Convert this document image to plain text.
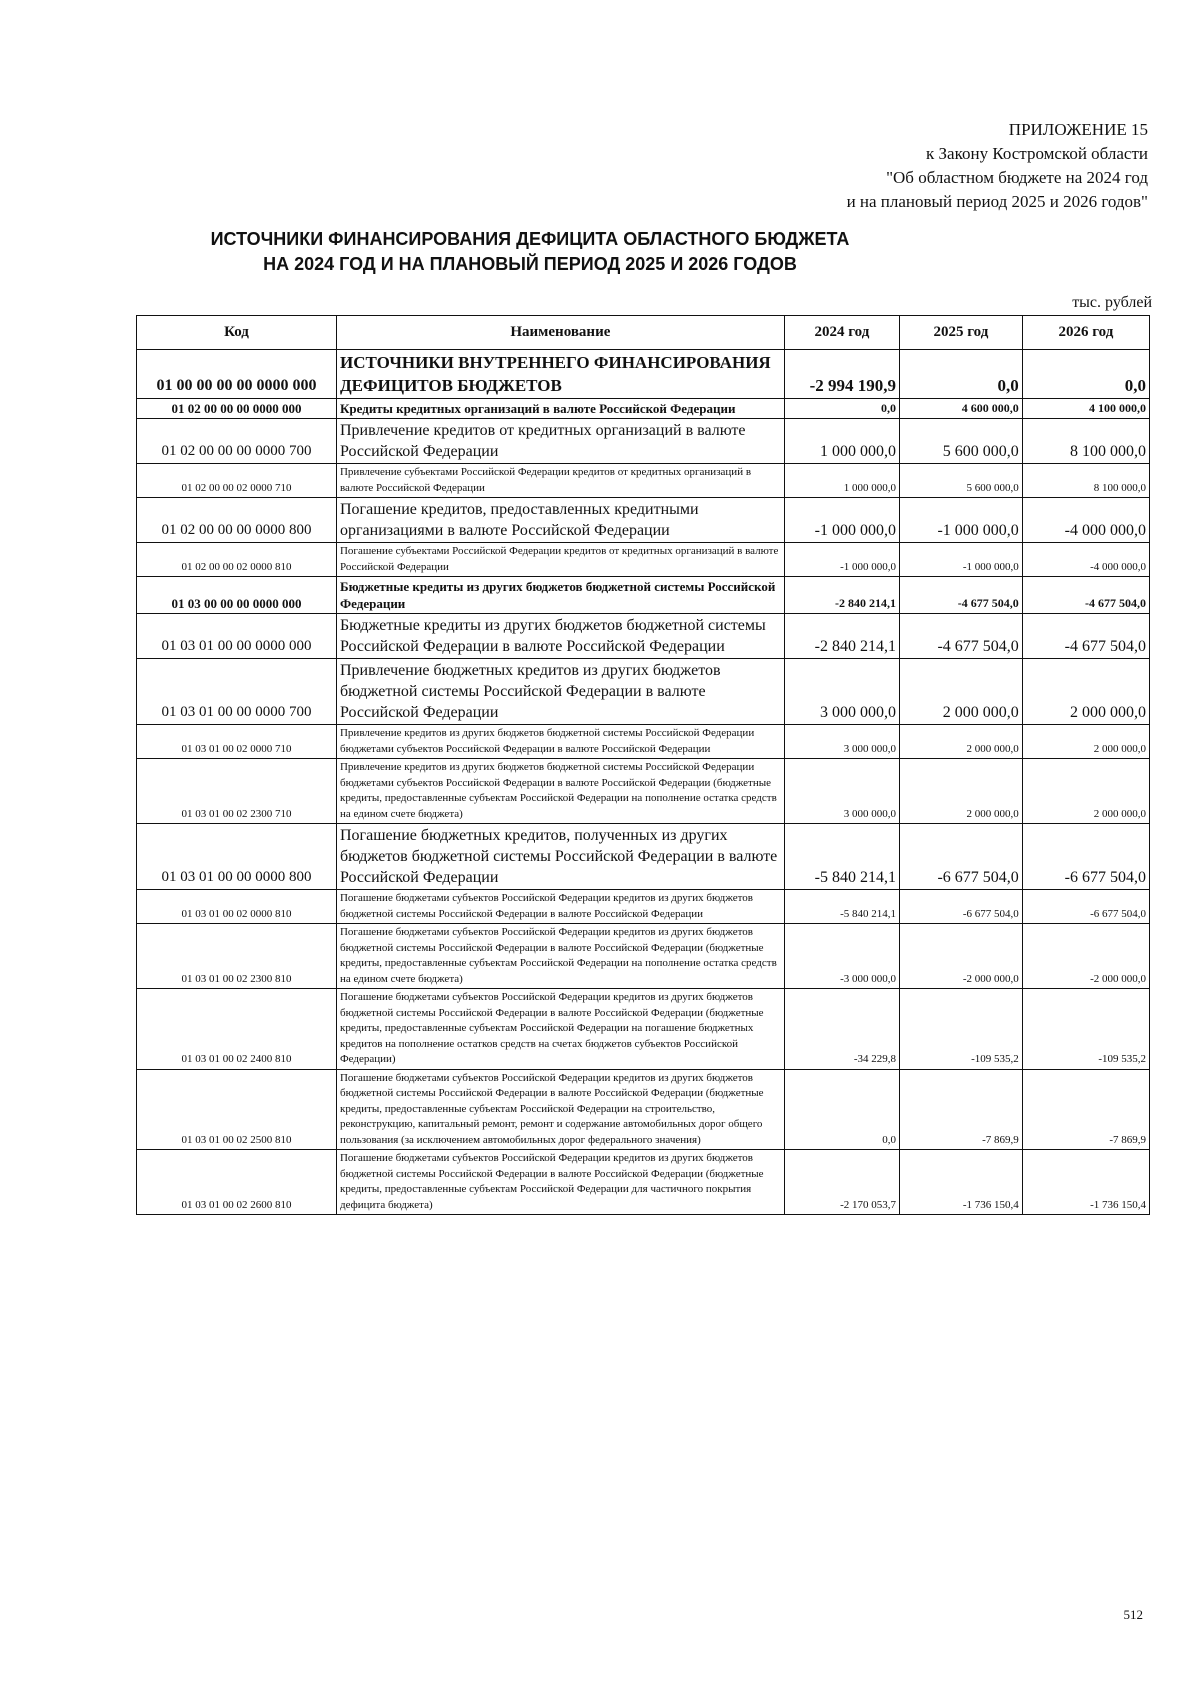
ПРИЛОЖЕНИЕ 15
к Закону Костромской области
"Об областном бюджете на 2024 год
и на плановый период 2025 и 2026 годов"
ИСТОЧНИКИ ФИНАНСИРОВАНИЯ ДЕФИЦИТА ОБЛАСТНОГО БЮДЖЕТА
НА 2024 ГОД И НА ПЛАНОВЫЙ ПЕРИОД 2025 И 2026 ГОДОВ
тыс. рублей
Код	Наименование	2024 год	2025 год	2026 год
01 00 00 00 00 0000 000	ИСТОЧНИКИ ВНУТРЕННЕГО ФИНАНСИРОВАНИЯ ДЕФИЦИТОВ БЮДЖЕТОВ	-2 994 190,9	0,0	0,0
01 02 00 00 00 0000 000	Кредиты кредитных организаций в валюте Российской Федерации	0,0	4 600 000,0	4 100 000,0
01 02 00 00 00 0000 700	Привлечение кредитов от кредитных организаций в валюте Российской Федерации	1 000 000,0	5 600 000,0	8 100 000,0
01 02 00 00 02 0000 710	Привлечение субъектами Российской Федерации кредитов от кредитных организаций в валюте Российской Федерации	1 000 000,0	5 600 000,0	8 100 000,0
01 02 00 00 00 0000 800	Погашение кредитов, предоставленных кредитными организациями в валюте Российской Федерации	-1 000 000,0	-1 000 000,0	-4 000 000,0
01 02 00 00 02 0000 810	Погашение субъектами Российской Федерации кредитов от кредитных организаций в валюте Российской Федерации	-1 000 000,0	-1 000 000,0	-4 000 000,0
01 03 00 00 00 0000 000	Бюджетные кредиты из других бюджетов бюджетной системы Российской Федерации	-2 840 214,1	-4 677 504,0	-4 677 504,0
01 03 01 00 00 0000 000	Бюджетные кредиты из других бюджетов бюджетной системы Российской Федерации в валюте Российской Федерации	-2 840 214,1	-4 677 504,0	-4 677 504,0
01 03 01 00 00 0000 700	Привлечение бюджетных кредитов из других бюджетов бюджетной системы Российской Федерации в валюте Российской Федерации	3 000 000,0	2 000 000,0	2 000 000,0
01 03 01 00 02 0000 710	Привлечение кредитов из других бюджетов бюджетной системы Российской Федерации бюджетами субъектов Российской Федерации в валюте Российской Федерации	3 000 000,0	2 000 000,0	2 000 000,0
01 03 01 00 02 2300 710	Привлечение кредитов из других бюджетов бюджетной системы Российской Федерации бюджетами субъектов Российской Федерации в валюте Российской Федерации (бюджетные кредиты, предоставленные субъектам Российской Федерации на пополнение остатка средств на едином счете бюджета)	3 000 000,0	2 000 000,0	2 000 000,0
01 03 01 00 00 0000 800	Погашение бюджетных кредитов, полученных из других бюджетов бюджетной системы Российской Федерации в валюте Российской Федерации	-5 840 214,1	-6 677 504,0	-6 677 504,0
01 03 01 00 02 0000 810	Погашение бюджетами субъектов Российской Федерации кредитов из других бюджетов бюджетной системы Российской Федерации в валюте Российской Федерации	-5 840 214,1	-6 677 504,0	-6 677 504,0
01 03 01 00 02 2300 810	Погашение бюджетами субъектов Российской Федерации кредитов из других бюджетов бюджетной системы Российской Федерации в валюте Российской Федерации (бюджетные кредиты, предоставленные субъектам Российской Федерации на пополнение остатка средств на едином счете бюджета)	-3 000 000,0	-2 000 000,0	-2 000 000,0
01 03 01 00 02 2400 810	Погашение бюджетами субъектов Российской Федерации кредитов из других бюджетов бюджетной системы Российской Федерации в валюте Российской Федерации (бюджетные кредиты, предоставленные субъектам Российской Федерации на погашение бюджетных кредитов на пополнение остатков средств на счетах бюджетов субъектов Российской Федерации)	-34 229,8	-109 535,2	-109 535,2
01 03 01 00 02 2500 810	Погашение бюджетами субъектов Российской Федерации кредитов из других бюджетов бюджетной системы Российской Федерации в валюте Российской Федерации (бюджетные кредиты, предоставленные субъектам Российской Федерации на строительство, реконструкцию, капитальный ремонт, ремонт и содержание автомобильных дорог общего пользования (за исключением автомобильных дорог федерального значения)	0,0	-7 869,9	-7 869,9
01 03 01 00 02 2600 810	Погашение бюджетами субъектов Российской Федерации кредитов из других бюджетов бюджетной системы Российской Федерации в валюте Российской Федерации (бюджетные кредиты, предоставленные субъектам Российской Федерации для частичного покрытия дефицита бюджета)	-2 170 053,7	-1 736 150,4	-1 736 150,4
512
